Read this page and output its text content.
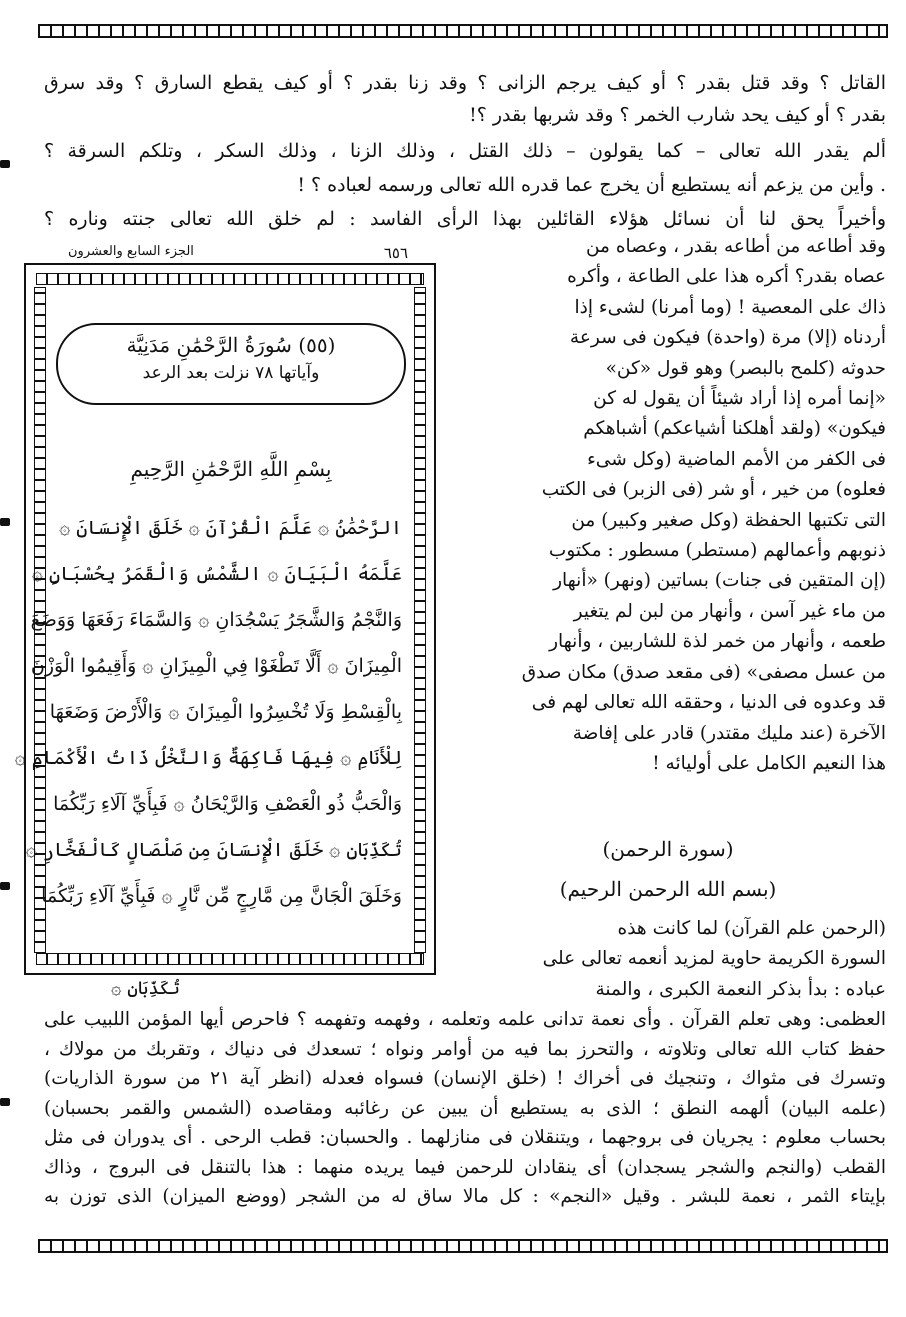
القاتل ؟ وقد قتل بقدر ؟ أو كيف يرجم الزانى ؟ وقد زنا بقدر ؟ أو كيف يقطع السارق ؟ وقد سرق
بقدر ؟ أو كيف يحد شارب الخمر ؟ وقد شربها بقدر ؟!
ألم يقدر الله تعالى – كما يقولون – ذلك القتل ، وذلك الزنا ، وذلك السكر ، وتلكم السرقة ؟
. وأين من يزعم أنه يستطيع أن يخرج عما قدره الله تعالى ورسمه لعباده ؟ !
وأخيراً يحق لنا أن نسائل هؤلاء القائلين بهذا الرأى الفاسد : لم خلق الله تعالى جنته وناره ؟
٦٥٦
الجزء السابع والعشرون
(٥٥) سُورَةُ الرَّحْمَٰنِ مَدَنِيَّة
وآياتها ٧٨ نزلت بعد الرعد
بِسْمِ اللَّهِ الرَّحْمَٰنِ الرَّحِيمِ
الرَّحْمَٰنُ ۞ عَلَّمَ الْقُرْآنَ ۞ خَلَقَ الْإِنسَانَ ۞
عَلَّمَهُ الْبَيَانَ ۞ الشَّمْسُ وَالْقَمَرُ بِحُسْبَانٍ ۞
وَالنَّجْمُ وَالشَّجَرُ يَسْجُدَانِ ۞ وَالسَّمَاءَ رَفَعَهَا وَوَضَعَ
الْمِيزَانَ ۞ أَلَّا تَطْغَوْا فِي الْمِيزَانِ ۞ وَأَقِيمُوا الْوَزْنَ
بِالْقِسْطِ وَلَا تُخْسِرُوا الْمِيزَانَ ۞ وَالْأَرْضَ وَضَعَهَا
لِلْأَنَامِ ۞ فِيهَا فَاكِهَةٌ وَالنَّخْلُ ذَاتُ الْأَكْمَامِ ۞
وَالْحَبُّ ذُو الْعَصْفِ وَالرَّيْحَانُ ۞ فَبِأَيِّ آلَاءِ رَبِّكُمَا
تُكَذِّبَانِ ۞ خَلَقَ الْإِنسَانَ مِن صَلْصَالٍ كَالْفَخَّارِ ۞
وَخَلَقَ الْجَانَّ مِن مَّارِجٍ مِّن نَّارٍ ۞ فَبِأَيِّ آلَاءِ رَبِّكُمَا
تُكَذِّبَانِ ۞
وقد أطاعه من أطاعه بقدر ، وعصاه من
عصاه بقدر؟ أكره هذا على الطاعة ، وأكره
ذاك على المعصية ! (وما أمرنا) لشىء إذا
أردناه (إلا) مرة (واحدة) فيكون فى سرعة
حدوثه (كلمح بالبصر) وهو قول «كن»
«إنما أمره إذا أراد شيئاً أن يقول له كن
فيكون» (ولقد أهلكنا أشياعكم) أشباهكم
فى الكفر من الأمم الماضية (وكل شىء
فعلوه) من خير ، أو شر (فى الزبر) فى الكتب
التى تكتبها الحفظة (وكل صغير وكبير) من
ذنوبهم وأعمالهم (مستطر) مسطور : مكتوب
(إن المتقين فى جنات) بساتين (ونهر) «أنهار
من ماء غير آسن ، وأنهار من لبن لم يتغير
طعمه ، وأنهار من خمر لذة للشاربين ، وأنهار
من عسل مصفى» (فى مقعد صدق) مكان صدق
قد وعدوه فى الدنيا ، وحققه الله تعالى لهم فى
الآخرة (عند مليك مقتدر) قادر على إفاضة
هذا النعيم الكامل على أوليائه !
(سورة الرحمن)
(بسم الله الرحمن الرحيم)
(الرحمن علم القرآن) لما كانت هذه
السورة الكريمة حاوية لمزيد أنعمه تعالى على
عباده : بدأ بذكر النعمة الكبرى ، والمنة
العظمى: وهى تعلم القرآن . وأى نعمة تدانى علمه وتعلمه ، وفهمه وتفهمه ؟ فاحرص أيها المؤمن اللبيب على
حفظ كتاب الله تعالى وتلاوته ، والتحرز بما فيه من أوامر ونواه ؛ تسعدك فى دنياك ، وتقربك من مولاك ،
وتسرك فى مثواك ، وتنجيك فى أخراك ! (خلق الإنسان) فسواه فعدله (انظر آية ٢١ من سورة الذاريات)
(علمه البيان) ألهمه النطق ؛ الذى به يستطيع أن يبين عن رغائبه ومقاصده (الشمس والقمر بحسبان)
بحساب معلوم : يجريان فى بروجهما ، ويتنقلان فى منازلهما . والحسبان: قطب الرحى . أى يدوران فى مثل
القطب (والنجم والشجر يسجدان) أى ينقادان للرحمن فيما يريده منهما : هذا بالتنقل فى البروج ، وذاك
بإيتاء الثمر ، نعمة للبشر . وقيل «النجم» : كل مالا ساق له من الشجر (ووضع الميزان) الذى توزن به
